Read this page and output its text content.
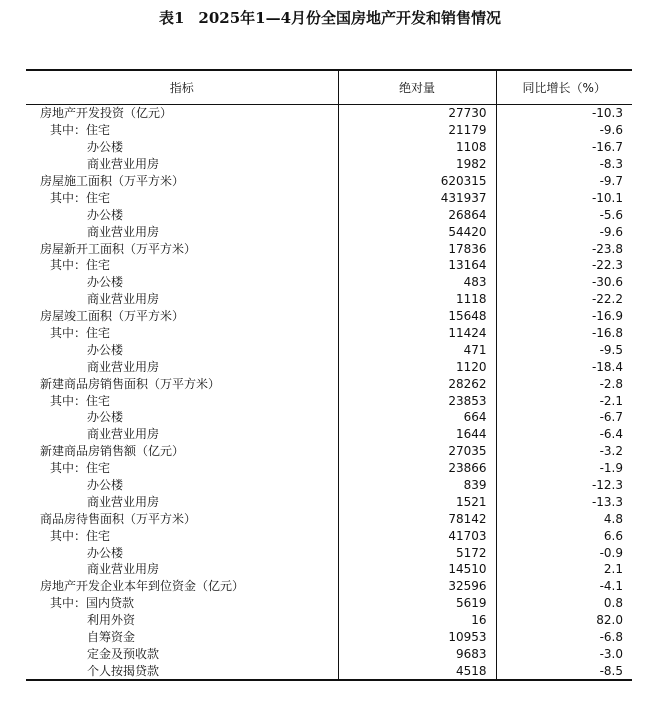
表1 2025年1—4月份全国房地产开发和销售情况
指标	绝对量	同比增长（%）
房地产开发投资（亿元）	27730	-10.3
其中：住宅	21179	-9.6
办公楼	1108	-16.7
商业营业用房	1982	-8.3
房屋施工面积（万平方米）	620315	-9.7
其中：住宅	431937	-10.1
办公楼	26864	-5.6
商业营业用房	54420	-9.6
房屋新开工面积（万平方米）	17836	-23.8
其中：住宅	13164	-22.3
办公楼	483	-30.6
商业营业用房	1118	-22.2
房屋竣工面积（万平方米）	15648	-16.9
其中：住宅	11424	-16.8
办公楼	471	-9.5
商业营业用房	1120	-18.4
新建商品房销售面积（万平方米）	28262	-2.8
其中：住宅	23853	-2.1
办公楼	664	-6.7
商业营业用房	1644	-6.4
新建商品房销售额（亿元）	27035	-3.2
其中：住宅	23866	-1.9
办公楼	839	-12.3
商业营业用房	1521	-13.3
商品房待售面积（万平方米）	78142	4.8
其中：住宅	41703	6.6
办公楼	5172	-0.9
商业营业用房	14510	2.1
房地产开发企业本年到位资金（亿元）	32596	-4.1
其中：国内贷款	5619	0.8
利用外资	16	82.0
自筹资金	10953	-6.8
定金及预收款	9683	-3.0
个人按揭贷款	4518	-8.5
